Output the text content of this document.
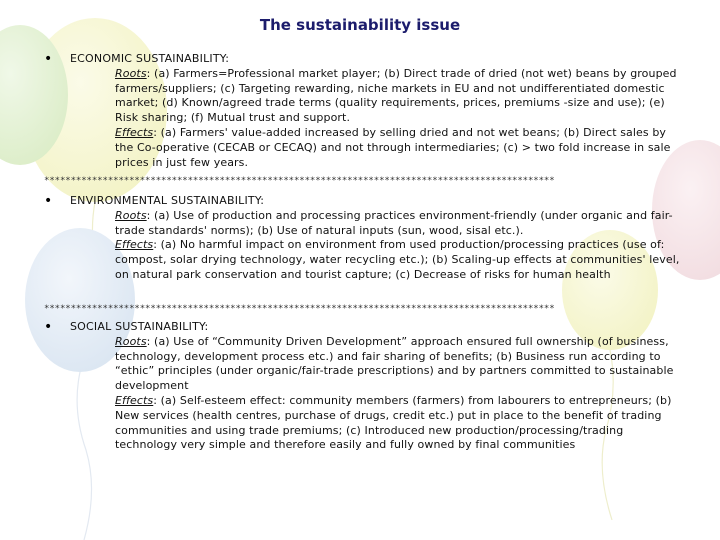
The sustainability issue
• ECONOMIC SUSTAINABILITY:
Roots: (a) Farmers=Professional market player; (b) Direct trade of dried (not wet) beans by grouped farmers/suppliers; (c) Targeting rewarding, niche markets in EU and not undifferentiated domestic market; (d) Known/agreed trade terms (quality requirements, prices, premiums -size and use); (e) Risk sharing; (f) Mutual trust and support.
Effects: (a) Farmers' value-added increased by selling dried and not wet beans; (b) Direct sales by the Co-operative (CECAB or CECAQ) and not through intermediaries; (c) > two fold increase in sale prices in just few years.
************************************************************************************************
• ENVIRONMENTAL SUSTAINABILITY:
Roots: (a) Use of production and processing practices environment-friendly (under organic and fair-trade standards' norms); (b) Use of natural inputs (sun, wood, sisal etc.).
Effects: (a) No harmful impact on environment from used production/processing practices (use of: compost, solar drying technology, water recycling etc.); (b) Scaling-up effects at communities' level, on natural park conservation and tourist capture; (c) Decrease of risks for human health
************************************************************************************************
• SOCIAL SUSTAINABILITY:
Roots: (a) Use of “Community Driven Development” approach ensured full ownership (of business, technology, development process etc.) and fair sharing of benefits; (b) Business run according to “ethic” principles (under organic/fair-trade prescriptions) and by partners committed to sustainable development
Effects: (a) Self-esteem effect: community members (farmers) from labourers to entrepreneurs; (b) New services (health centres, purchase of drugs, credit etc.) put in place to the benefit of trading communities and using trade premiums; (c) Introduced new production/processing/trading technology very simple and therefore easily and fully owned by final communities
